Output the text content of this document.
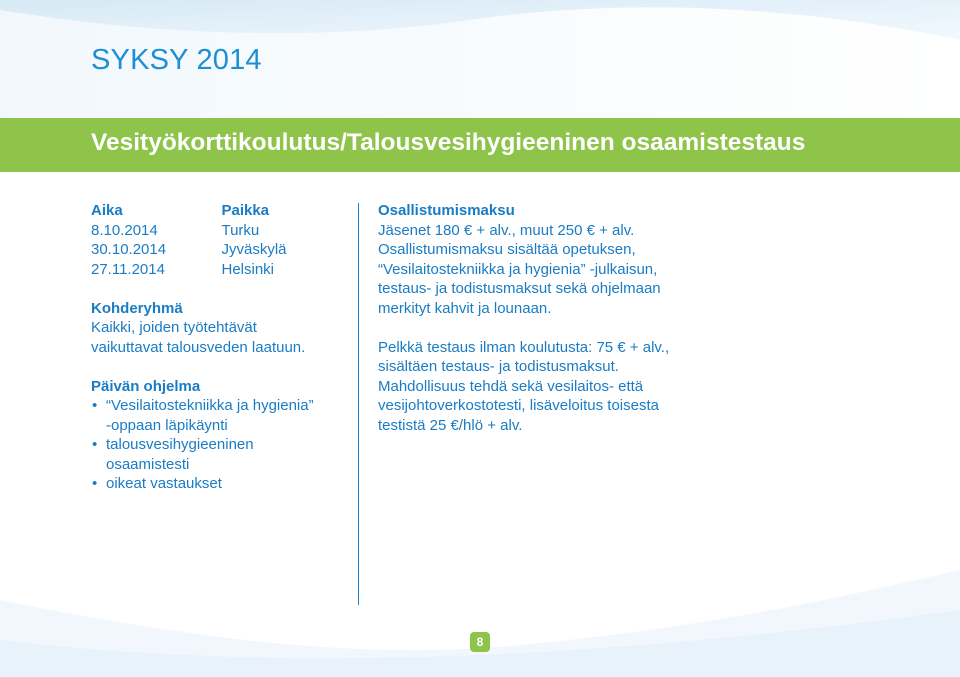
SYKSY 2014
Vesityökorttikoulutus/Talousvesihygieeninen osaamistestaus
Aika	Paikka
8.10.2014	Turku
30.10.2014	Jyväskylä
27.11.2014	Helsinki
Kohderyhmä
Kaikki, joiden työtehtävät
vaikuttavat talousveden laatuun.
Päivän ohjelma
• “Vesilaitostekniikka ja hygienia”
-oppaan läpikäynti
• talousvesihygieeninen
osaamistesti
• oikeat vastaukset
Osallistumismaksu
Jäsenet 180 € + alv., muut 250 € + alv.
Osallistumismaksu sisältää opetuksen,
“Vesilaitostekniikka ja hygienia” -julkaisun,
testaus- ja todistusmaksut sekä ohjelmaan
merkityt kahvit ja lounaan.
Pelkkä testaus ilman koulutusta: 75 € + alv.,
sisältäen testaus- ja todistusmaksut.
Mahdollisuus tehdä sekä vesilaitos- että
vesijohtoverkostotesti, lisäveloitus toisesta
testistä 25 €/hlö + alv.
8
